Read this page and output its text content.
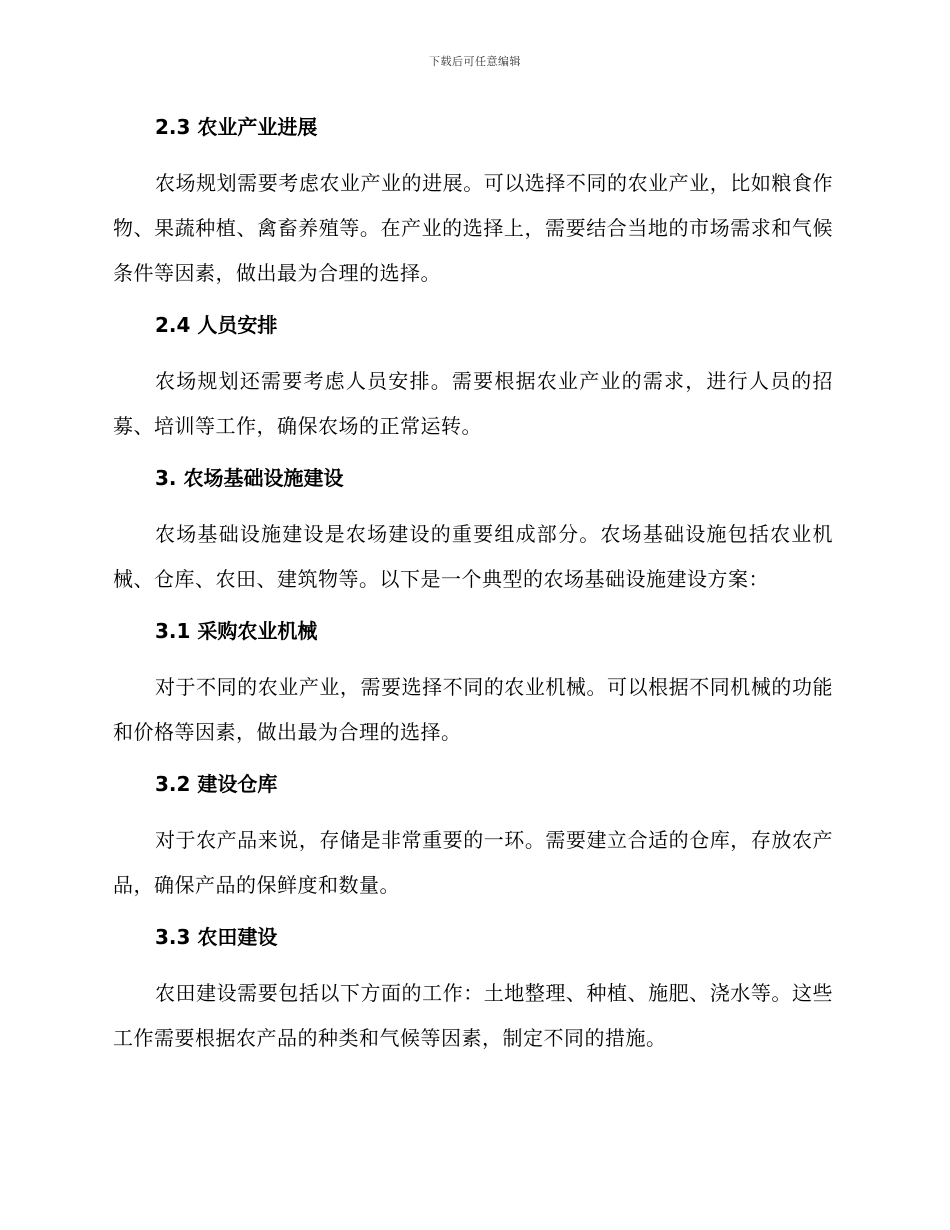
下载后可任意编辑
2.3 农业产业进展
农场规划需要考虑农业产业的进展。可以选择不同的农业产业，比如粮食作物、果蔬种植、禽畜养殖等。在产业的选择上，需要结合当地的市场需求和气候条件等因素，做出最为合理的选择。
2.4 人员安排
农场规划还需要考虑人员安排。需要根据农业产业的需求，进行人员的招募、培训等工作，确保农场的正常运转。
3. 农场基础设施建设
农场基础设施建设是农场建设的重要组成部分。农场基础设施包括农业机械、仓库、农田、建筑物等。以下是一个典型的农场基础设施建设方案：
3.1 采购农业机械
对于不同的农业产业，需要选择不同的农业机械。可以根据不同机械的功能和价格等因素，做出最为合理的选择。
3.2 建设仓库
对于农产品来说，存储是非常重要的一环。需要建立合适的仓库，存放农产品，确保产品的保鲜度和数量。
3.3 农田建设
农田建设需要包括以下方面的工作：土地整理、种植、施肥、浇水等。这些工作需要根据农产品的种类和气候等因素，制定不同的措施。
